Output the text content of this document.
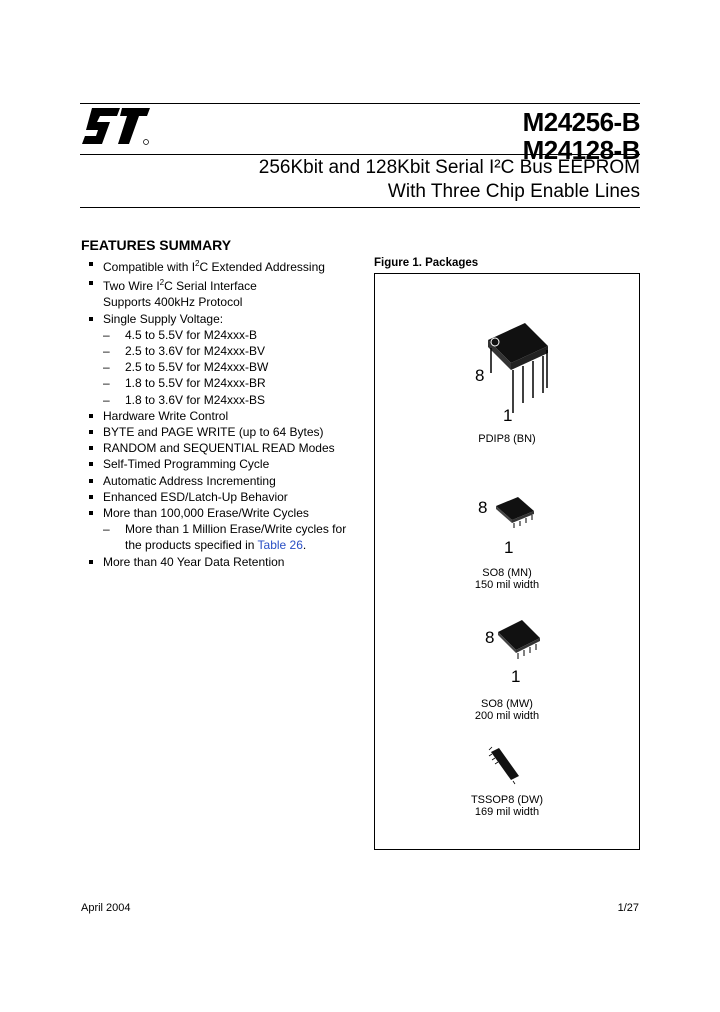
M24256-B
M24128-B
256Kbit and 128Kbit Serial I²C Bus EEPROM
With Three Chip Enable Lines
FEATURES SUMMARY
Compatible with $I^2C$ Extended Addressing
Two Wire $I^2C$ Serial Interface
Supports 400kHz Protocol
Single Supply Voltage:
– 4.5 to 5.5V for M24xxx-B
– 2.5 to 3.6V for M24xxx-BV
– 2.5 to 5.5V for M24xxx-BW
– 1.8 to 5.5V for M24xxx-BR
– 1.8 to 3.6V for M24xxx-BS
Hardware Write Control
BYTE and PAGE WRITE (up to 64 Bytes)
RANDOM and SEQUENTIAL READ Modes
Self-Timed Programming Cycle
Automatic Address Incrementing
Enhanced ESD/Latch-Up Behavior
More than 100,000 Erase/Write Cycles
– More than 1 Million Erase/Write cycles for
the products specified in Table 26.
More than 40 Year Data Retention
Figure 1. Packages
8
1
PDIP8 (BN)
8
1
SO8 (MN)
150 mil width
8
1
SO8 (MW)
200 mil width
TSSOP8 (DW)
169 mil width
April 2004	1/27
